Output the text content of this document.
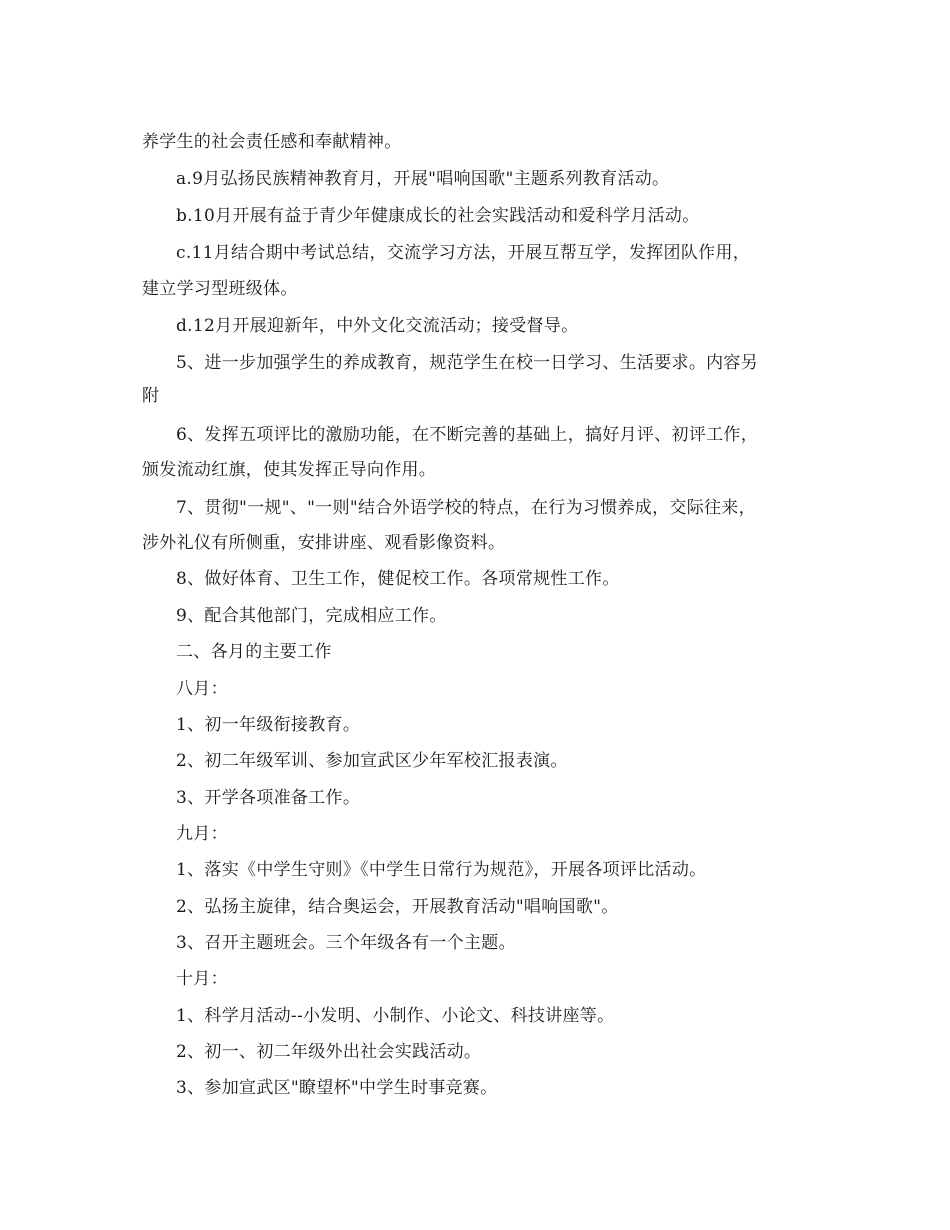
养学生的社会责任感和奉献精神。
a.9月弘扬民族精神教育月，开展"唱响国歌"主题系列教育活动。
b.10月开展有益于青少年健康成长的社会实践活动和爱科学月活动。
c.11月结合期中考试总结，交流学习方法，开展互帮互学，发挥团队作用，
建立学习型班级体。
d.12月开展迎新年，中外文化交流活动；接受督导。
5、进一步加强学生的养成教育，规范学生在校一日学习、生活要求。内容另
附
6、发挥五项评比的激励功能，在不断完善的基础上，搞好月评、初评工作，
颁发流动红旗，使其发挥正导向作用。
7、贯彻"一规"、"一则"结合外语学校的特点，在行为习惯养成，交际往来，
涉外礼仪有所侧重，安排讲座、观看影像资料。
8、做好体育、卫生工作，健促校工作。各项常规性工作。
9、配合其他部门，完成相应工作。
二、各月的主要工作
八月：
1、初一年级衔接教育。
2、初二年级军训、参加宣武区少年军校汇报表演。
3、开学各项准备工作。
九月：
1、落实《中学生守则》《中学生日常行为规范》，开展各项评比活动。
2、弘扬主旋律，结合奥运会，开展教育活动"唱响国歌"。
3、召开主题班会。三个年级各有一个主题。
十月：
1、科学月活动--小发明、小制作、小论文、科技讲座等。
2、初一、初二年级外出社会实践活动。
3、参加宣武区"瞭望杯"中学生时事竞赛。
